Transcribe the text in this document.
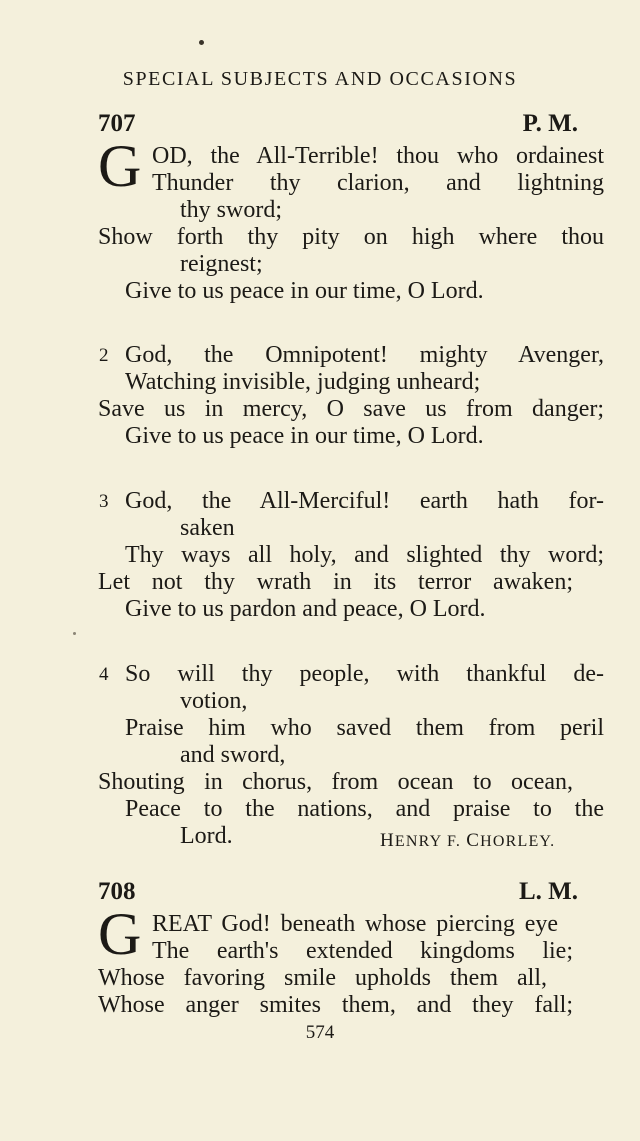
SPECIAL SUBJECTS AND OCCASIONS
707	P. M.
G OD, the All-Terrible! thou who ordainest
Thunder thy clarion, and lightning
thy sword;
Show forth thy pity on high where thou
reignest;
Give to us peace in our time, O Lord.
2 God, the Omnipotent! mighty Avenger,
Watching invisible, judging unheard;
Save us in mercy, O save us from danger;
Give to us peace in our time, O Lord.
3 God, the All-Merciful! earth hath for-
saken
Thy ways all holy, and slighted thy word;
Let not thy wrath in its terror awaken;
Give to us pardon and peace, O Lord.
4 So will thy people, with thankful de-
votion,
Praise him who saved them from peril
and sword,
Shouting in chorus, from ocean to ocean,
Peace to the nations, and praise to the
Lord.	HENRY F. CHORLEY.
708	L. M.
G REAT God! beneath whose piercing eye
The earth's extended kingdoms lie;
Whose favoring smile upholds them all,
Whose anger smites them, and they fall;
574
